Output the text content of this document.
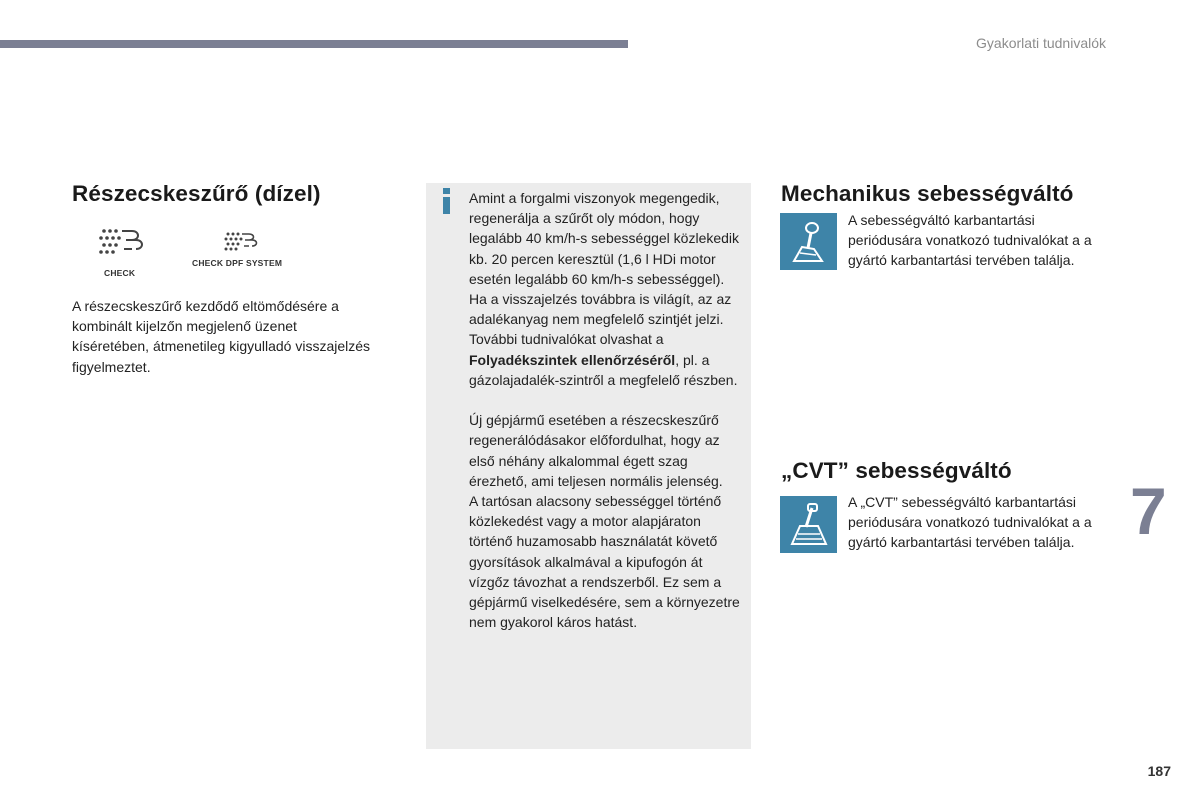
Gyakorlati tudnivalók
Részecskeszűrő (dízel)
CHECK
CHECK DPF SYSTEM
A részecskeszűrő kezdődő eltömődésére a kombinált kijelzőn megjelenő üzenet kíséretében, átmenetileg kigyulladó visszajelzés figyelmeztet.

Amint a forgalmi viszonyok megengedik, regenerálja a szűrőt oly módon, hogy legalább 40 km/h-s sebességgel közlekedik kb. 20 percen keresztül (1,6 l HDi motor esetén legalább 60 km/h-s sebességgel).

Ha a visszajelzés továbbra is világít, az az adalékanyag nem megfelelő szintjét jelzi.

További tudnivalókat olvashat a Folyadékszintek ellenőrzéséről, pl. a gázolajadalék-szintről a megfelelő részben.

Új gépjármű esetében a részecskeszűrő regenerálódásakor előfordulhat, hogy az első néhány alkalommal égett szag érezhető, ami teljesen normális jelenség.

A tartósan alacsony sebességgel történő közlekedést vagy a motor alapjáraton történő huzamosabb használatát követő gyorsítások alkalmával a kipufogón át vízgőz távozhat a rendszerből. Ez sem a gépjármű viselkedésére, sem a környezetre nem gyakorol káros hatást.

Mechanikus sebességváltó
A sebességváltó karbantartási periódusára vonatkozó tudnivalókat a a gyártó karbantartási tervében találja.
„CVT” sebességváltó
A „CVT” sebességváltó karbantartási periódusára vonatkozó tudnivalókat a a gyártó karbantartási tervében találja. 7
187
